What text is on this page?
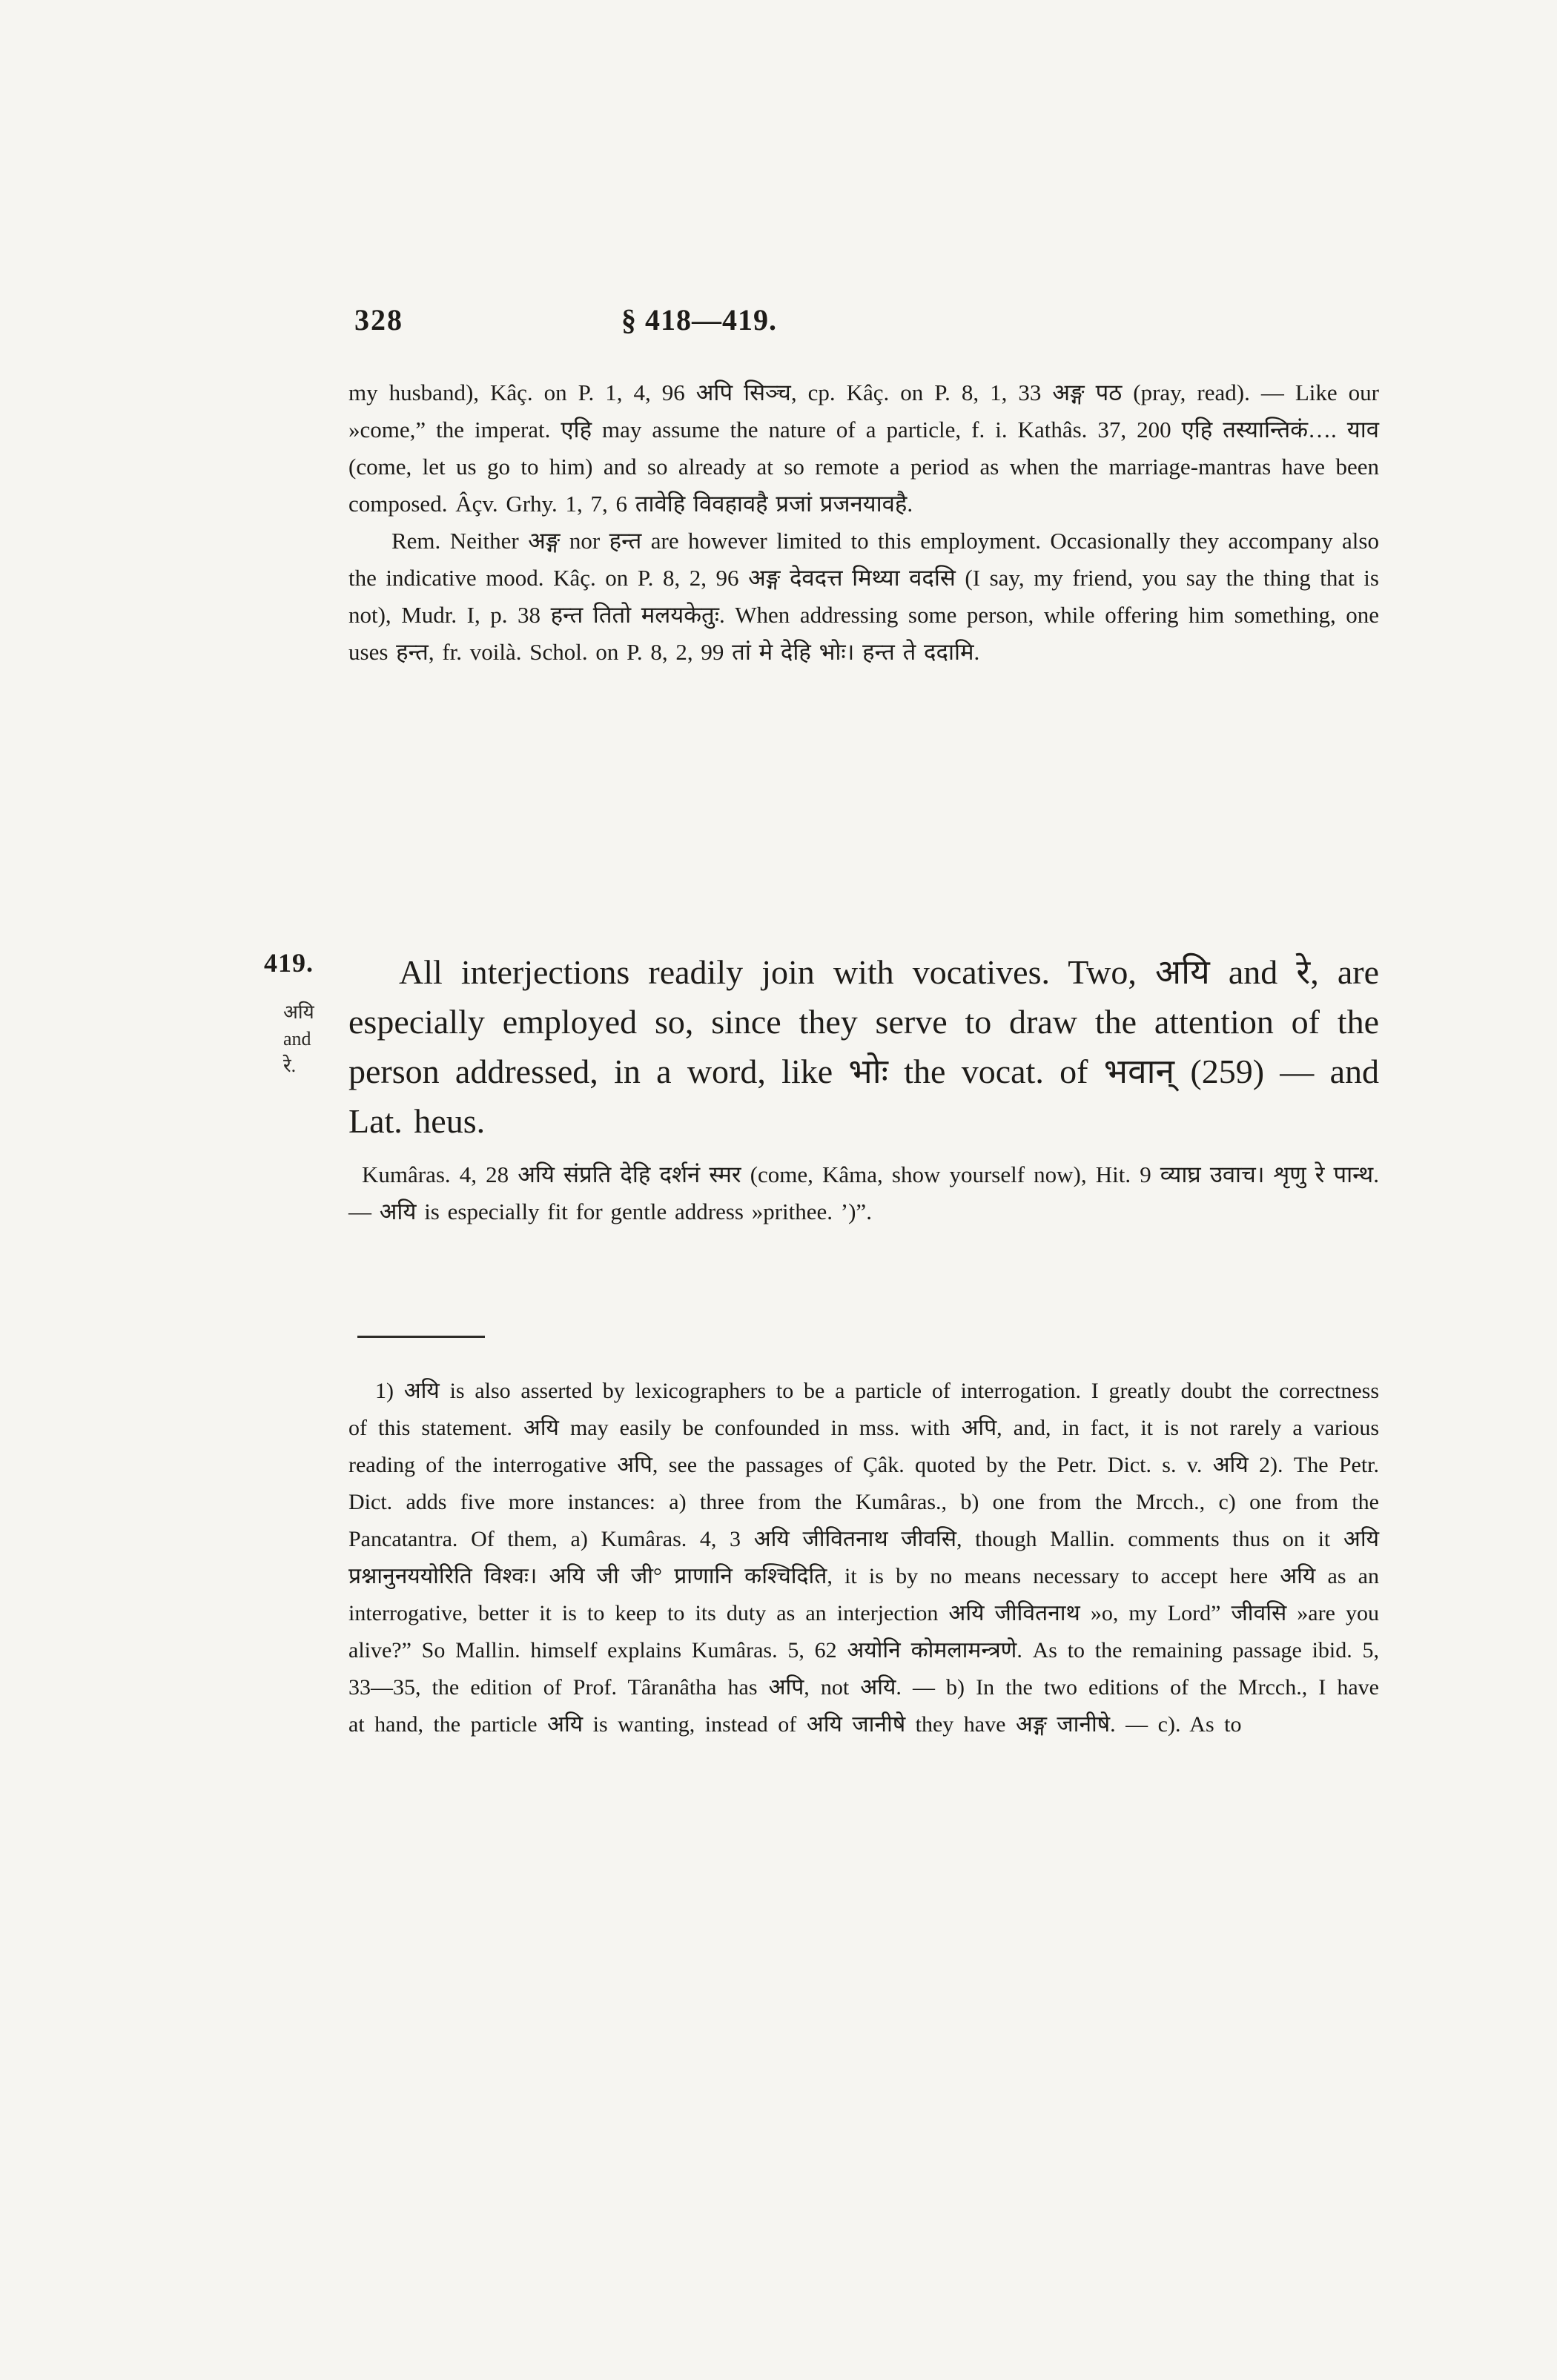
328	§ 418—419.

my husband), Kâç. on P. 1, 4, 96 अपि सिञ्च, cp. Kâç. on P. 8, 1, 33 अङ्ग पठ (pray, read). — Like our »come,” the imperat. एहि may assume the nature of a particle, f. i. Kathâs. 37, 200 एहि तस्यान्तिकं…. याव (come, let us go to him) and so already at so remote a period as when the marriage-mantras have been composed. Âçv. Grhy. 1, 7, 6 तावेहि विवहावहै प्रजां प्रजनयावहै.

Rem. Neither अङ्ग nor हन्त are however limited to this employment. Occasionally they accompany also the indicative mood. Kâç. on P. 8, 2, 96 अङ्ग देवदत्त मिथ्या वदसि (I say, my friend, you say the thing that is not), Mudr. I, p. 38 हन्त तितो मलयकेतुः. When addressing some person, while offering him something, one uses हन्त, fr. voilà. Schol. on P. 8, 2, 99 तां मे देहि भोः। हन्त ते ददामि.

419.
अयि
and
रे.

All interjections readily join with vocatives. Two, अयि and रे, are especially employed so, since they serve to draw the attention of the person addressed, in a word, like भोः the vocat. of भवान् (259) — and Lat. heus.

Kumâras. 4, 28 अयि संप्रति देहि दर्शनं स्मर (come, Kâma, show yourself now), Hit. 9 व्याघ्र उवाच। शृणु रे पान्थ. — अयि is especially fit for gentle address »prithee. ’)”.

1) अयि is also asserted by lexicographers to be a particle of interrogation. I greatly doubt the correctness of this statement. अयि may easily be confounded in mss. with अपि, and, in fact, it is not rarely a various reading of the interrogative अपि, see the passages of Çâk. quoted by the Petr. Dict. s. v. अयि 2). The Petr. Dict. adds five more instances: a) three from the Kumâras., b) one from the Mrcch., c) one from the Pancatantra. Of them, a) Kumâras. 4, 3 अयि जीवितनाथ जीवसि, though Mallin. comments thus on it अयि प्रश्नानुनययोरिति विश्वः। अयि जी जी° प्राणानि कश्चिदिति, it is by no means necessary to accept here अयि as an interrogative, better it is to keep to its duty as an interjection अयि जीवितनाथ »o, my Lord” जीवसि »are you alive?” So Mallin. himself explains Kumâras. 5, 62 अयोनि कोमलामन्त्रणे. As to the remaining passage ibid. 5, 33—35, the edition of Prof. Târanâtha has अपि, not अयि. — b) In the two editions of the Mrcch., I have at hand, the particle अयि is wanting, instead of अयि जानीषे they have अङ्ग जानीषे. — c). As to
